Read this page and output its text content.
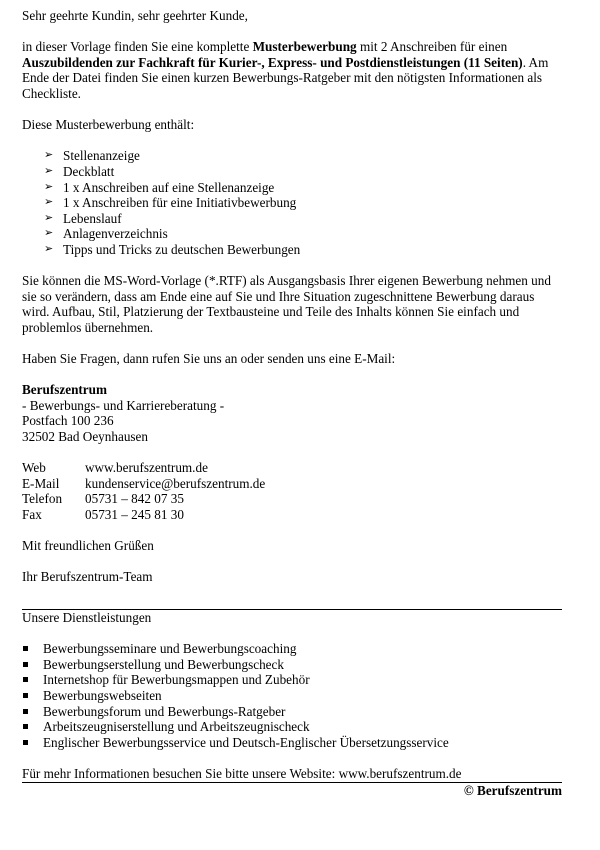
Sehr geehrte Kundin, sehr geehrter Kunde,

in dieser Vorlage finden Sie eine komplette Musterbewerbung mit 2 Anschreiben für einen Auszubildenden zur Fachkraft für Kurier-, Express- und Postdienstleistungen (11 Seiten). Am Ende der Datei finden Sie einen kurzen Bewerbungs-Ratgeber mit den nötigsten Informationen als Checkliste.

Diese Musterbewerbung enthält:

➢ Stellenanzeige
➢ Deckblatt
➢ 1 x Anschreiben auf eine Stellenanzeige
➢ 1 x Anschreiben für eine Initiativbewerbung
➢ Lebenslauf
➢ Anlagenverzeichnis
➢ Tipps und Tricks zu deutschen Bewerbungen

Sie können die MS-Word-Vorlage (*.RTF) als Ausgangsbasis Ihrer eigenen Bewerbung nehmen und sie so verändern, dass am Ende eine auf Sie und Ihre Situation zugeschnittene Bewerbung daraus wird. Aufbau, Stil, Platzierung der Textbausteine und Teile des Inhalts können Sie einfach und problemlos übernehmen.

Haben Sie Fragen, dann rufen Sie uns an oder senden uns eine E-Mail:

Berufszentrum

- Bewerbungs- und Karriereberatung -

Postfach 100 236

32502 Bad Oeynhausen

Web	www.berufszentrum.de
E-Mail	kundenservice@berufszentrum.de
Telefon	05731 – 842 07 35
Fax	05731 – 245 81 30

Mit freundlichen Grüßen

Ihr Berufszentrum-Team

Unsere Dienstleistungen

Bewerbungsseminare und Bewerbungscoaching
Bewerbungserstellung und Bewerbungscheck
Internetshop für Bewerbungsmappen und Zubehör
Bewerbungswebseiten
Bewerbungsforum und Bewerbungs-Ratgeber
Arbeitszeugniserstellung und Arbeitszeugnischeck
Englischer Bewerbungsservice und Deutsch-Englischer Übersetzungsservice

Für mehr Informationen besuchen Sie bitte unsere Website: www.berufszentrum.de

© Berufszentrum
